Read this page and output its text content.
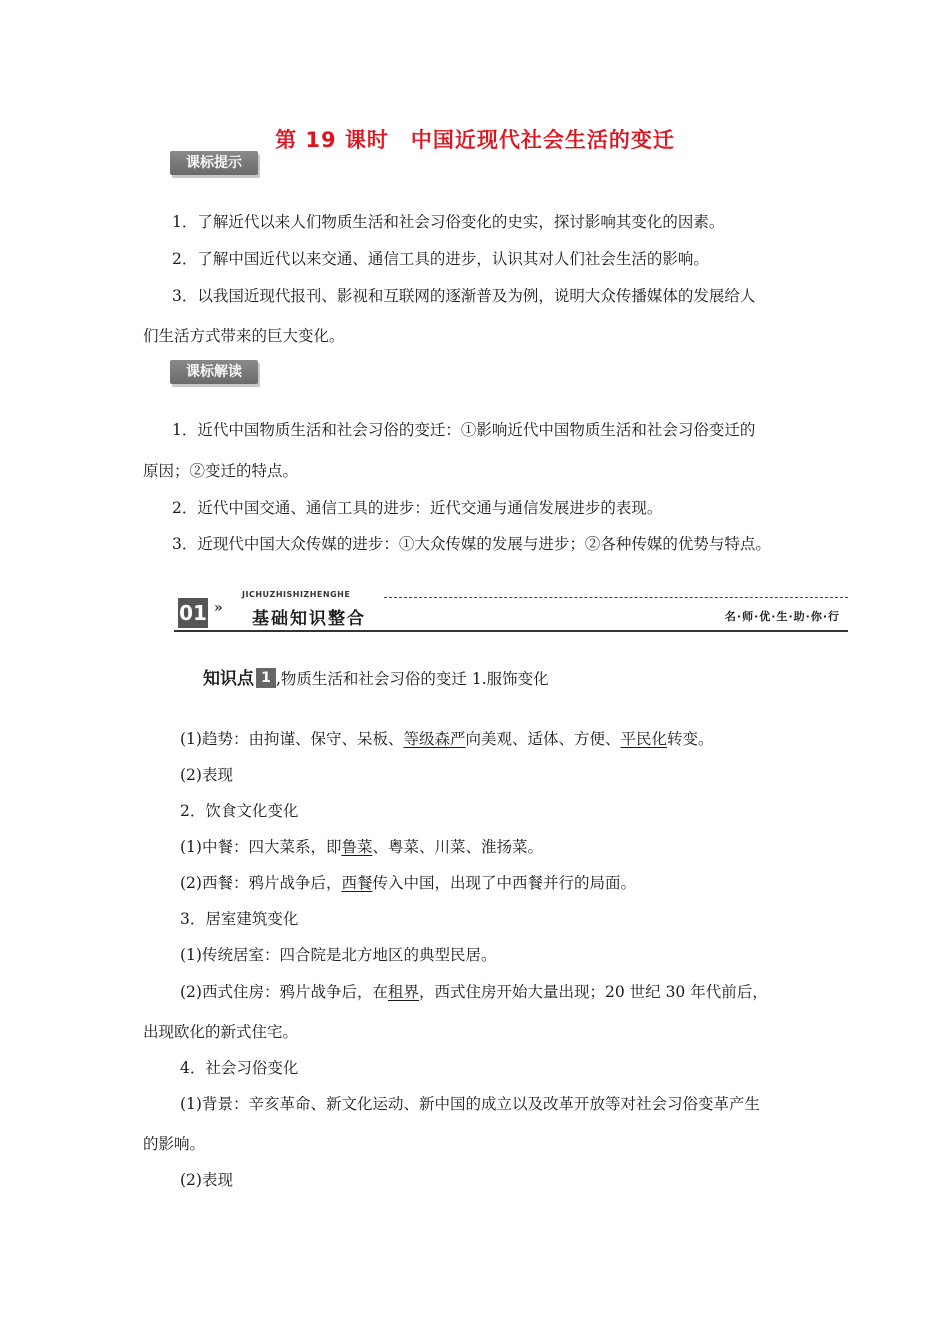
第 19 课时　中国近现代社会生活的变迁
课标提示
1．了解近代以来人们物质生活和社会习俗变化的史实，探讨影响其变化的因素。
2．了解中国近代以来交通、通信工具的进步，认识其对人们社会生活的影响。
3．以我国近现代报刊、影视和互联网的逐渐普及为例，说明大众传播媒体的发展给人
们生活方式带来的巨大变化。
课标解读
1．近代中国物质生活和社会习俗的变迁：①影响近代中国物质生活和社会习俗变迁的
原因；②变迁的特点。
2．近代中国交通、通信工具的进步：近代交通与通信发展进步的表现。
3．近现代中国大众传媒的进步：①大众传媒的发展与进步；②各种传媒的优势与特点。
JICHUZHISHIZHENGHE
01 »
基础知识整合	名·师·优·生·助·你·行
知识点 1 ,物质生活和社会习俗的变迁 1.服饰变化
(1)趋势：由拘谨、保守、呆板、等级森严向美观、适体、方便、平民化转变。
(2)表现
2．饮食文化变化
(1)中餐：四大菜系，即鲁菜、粤菜、川菜、淮扬菜。
(2)西餐：鸦片战争后，西餐传入中国，出现了中西餐并行的局面。
3．居室建筑变化
(1)传统居室：四合院是北方地区的典型民居。
(2)西式住房：鸦片战争后，在租界，西式住房开始大量出现；20 世纪 30 年代前后，
出现欧化的新式住宅。
4．社会习俗变化
(1)背景：辛亥革命、新文化运动、新中国的成立以及改革开放等对社会习俗变革产生
的影响。
(2)表现
